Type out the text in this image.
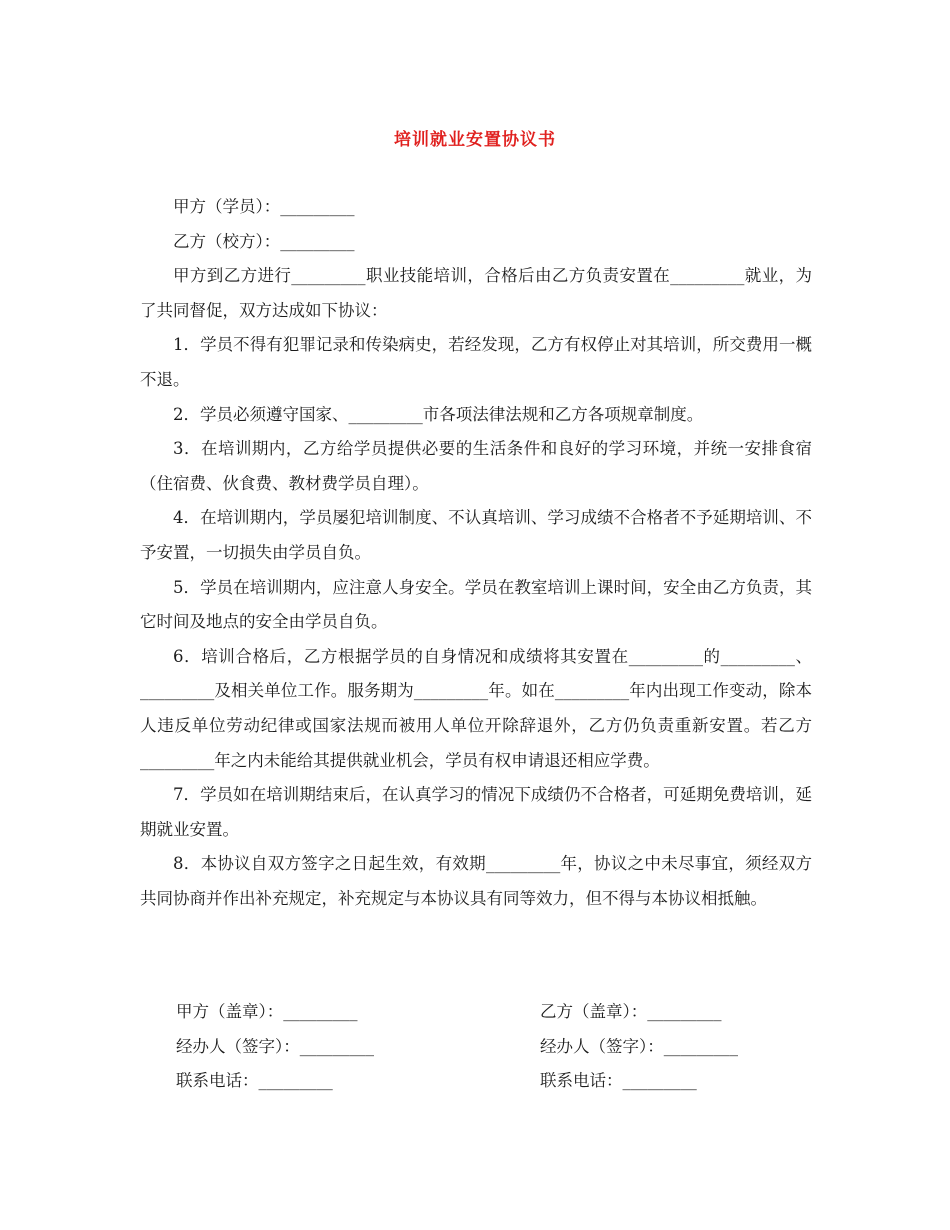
培训就业安置协议书

甲方（学员）：_________

乙方（校方）：_________

甲方到乙方进行_________职业技能培训，合格后由乙方负责安置在_________就业，为了共同督促，双方达成如下协议：

1．学员不得有犯罪记录和传染病史，若经发现，乙方有权停止对其培训，所交费用一概不退。

2．学员必须遵守国家、_________市各项法律法规和乙方各项规章制度。

3．在培训期内，乙方给学员提供必要的生活条件和良好的学习环境，并统一安排食宿（住宿费、伙食费、教材费学员自理）。

4．在培训期内，学员屡犯培训制度、不认真培训、学习成绩不合格者不予延期培训、不予安置，一切损失由学员自负。

5．学员在培训期内，应注意人身安全。学员在教室培训上课时间，安全由乙方负责，其它时间及地点的安全由学员自负。

6．培训合格后，乙方根据学员的自身情况和成绩将其安置在_________的_________、_________及相关单位工作。服务期为_________年。如在_________年内出现工作变动，除本人违反单位劳动纪律或国家法规而被用人单位开除辞退外，乙方仍负责重新安置。若乙方_________年之内未能给其提供就业机会，学员有权申请退还相应学费。

7．学员如在培训期结束后，在认真学习的情况下成绩仍不合格者，可延期免费培训，延期就业安置。

8．本协议自双方签字之日起生效，有效期_________年，协议之中未尽事宜，须经双方共同协商并作出补充规定，补充规定与本协议具有同等效力，但不得与本协议相抵触。

甲方（盖章）：_________	乙方（盖章）：_________
经办人（签字）：_________	经办人（签字）：_________
联系电话：_________	联系电话：_________
